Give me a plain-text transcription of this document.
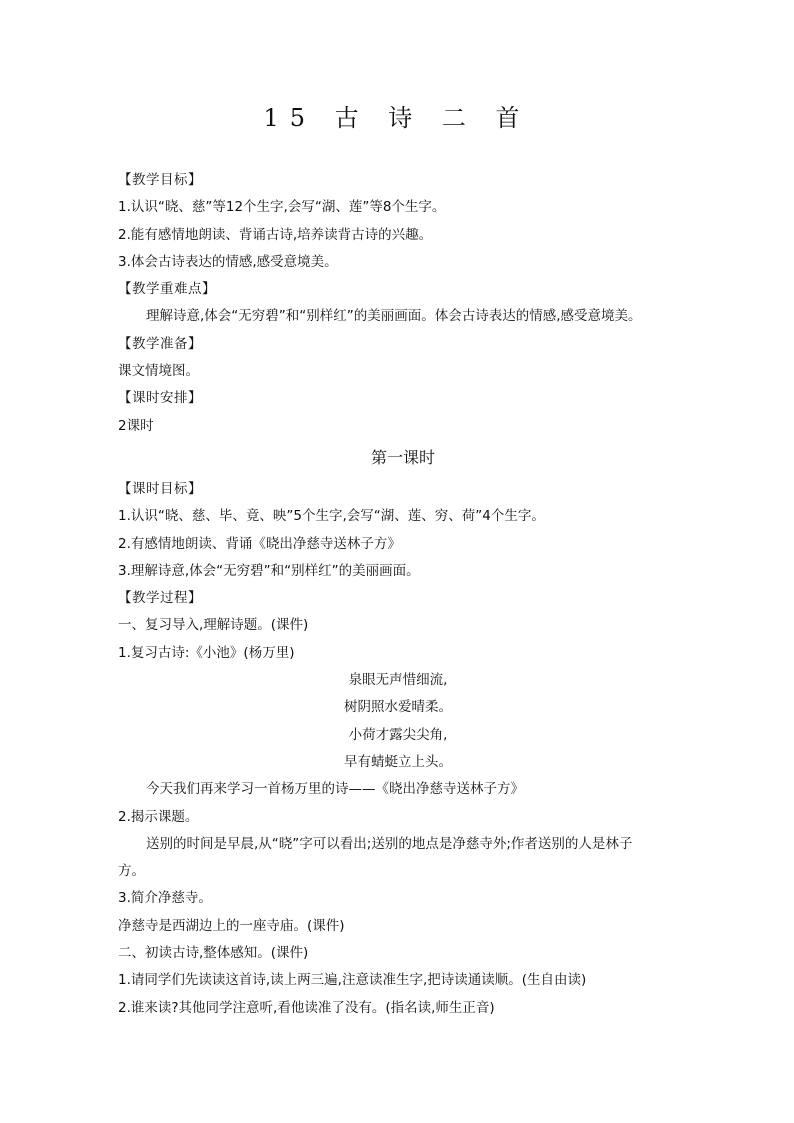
15 古 诗 二 首
【教学目标】
1.认识“晓、慈”等12个生字,会写“湖、莲”等8个生字。
2.能有感情地朗读、背诵古诗,培养读背古诗的兴趣。
3.体会古诗表达的情感,感受意境美。
【教学重难点】
理解诗意,体会“无穷碧”和“别样红”的美丽画面。体会古诗表达的情感,感受意境美。
【教学准备】
课文情境图。
【课时安排】
2课时
第一课时
【课时目标】
1.认识“晓、慈、毕、竟、映”5个生字,会写“湖、莲、穷、荷”4个生字。
2.有感情地朗读、背诵《晓出净慈寺送林子方》
3.理解诗意,体会“无穷碧”和“别样红”的美丽画面。
【教学过程】
一、复习导入,理解诗题。(课件)
1.复习古诗:《小池》(杨万里)
泉眼无声惜细流,
树阴照水爱晴柔。
小荷才露尖尖角,
早有蜻蜓立上头。
今天我们再来学习一首杨万里的诗——《晓出净慈寺送林子方》
2.揭示课题。
送别的时间是早晨,从“晓”字可以看出;送别的地点是净慈寺外;作者送别的人是林子
方。
3.简介净慈寺。
净慈寺是西湖边上的一座寺庙。(课件)
二、初读古诗,整体感知。(课件)
1.请同学们先读读这首诗,读上两三遍,注意读准生字,把诗读通读顺。(生自由读)
2.谁来读?其他同学注意听,看他读准了没有。(指名读,师生正音)
